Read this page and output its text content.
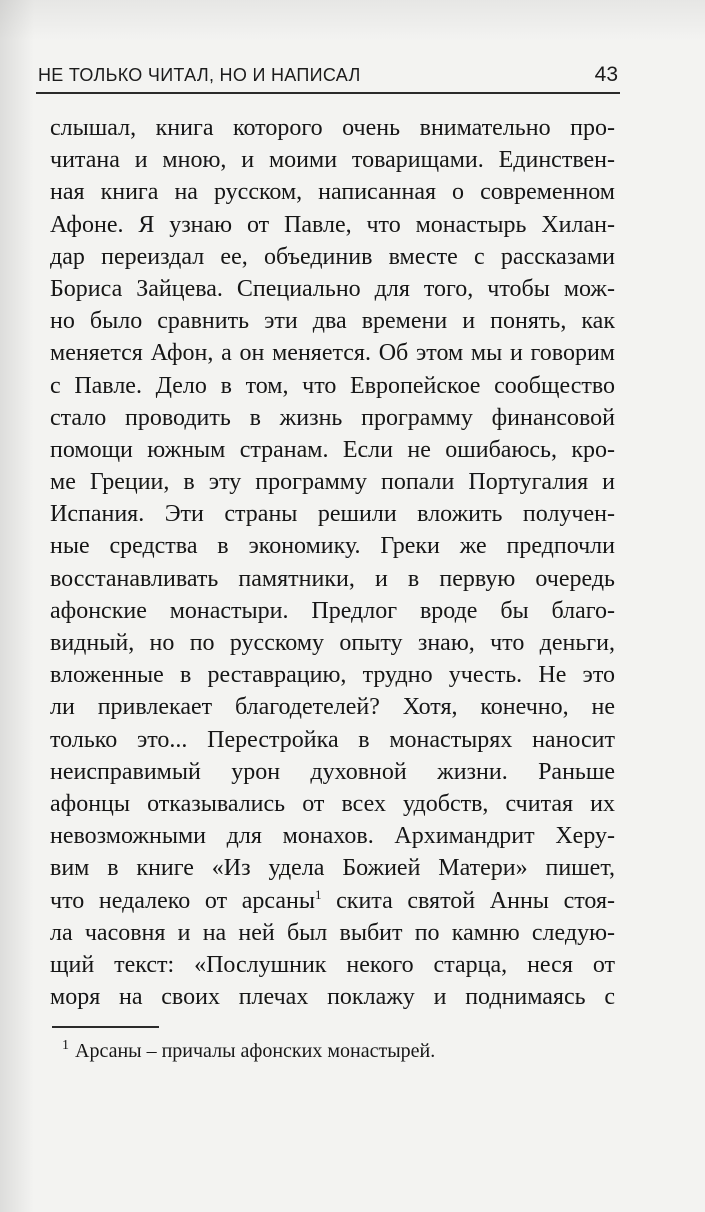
НЕ ТОЛЬКО ЧИТАЛ, НО И НАПИСАЛ	43
слышал, книга которого очень внимательно про-
читана и мною, и моими товарищами. Единствен-
ная книга на русском, написанная о современном
Афоне. Я узнаю от Павле, что монастырь Хилан-
дар переиздал ее, объединив вместе с рассказами
Бориса Зайцева. Специально для того, чтобы мож-
но было сравнить эти два времени и понять, как
меняется Афон, а он меняется. Об этом мы и говорим
с Павле. Дело в том, что Европейское сообщество
стало проводить в жизнь программу финансовой
помощи южным странам. Если не ошибаюсь, кро-
ме Греции, в эту программу попали Португалия и
Испания. Эти страны решили вложить получен-
ные средства в экономику. Греки же предпочли
восстанавливать памятники, и в первую очередь
афонские монастыри. Предлог вроде бы благо-
видный, но по русскому опыту знаю, что деньги,
вложенные в реставрацию, трудно учесть. Не это
ли привлекает благодетелей? Хотя, конечно, не
только это... Перестройка в монастырях наносит
неисправимый урон духовной жизни. Раньше
афонцы отказывались от всех удобств, считая их
невозможными для монахов. Архимандрит Херу-
вим в книге «Из удела Божией Матери» пишет,
что недалеко от арсаны$^1$ скита святой Анны стоя-
ла часовня и на ней был выбит по камню следую-
щий текст: «Послушник некого старца, неся от
моря на своих плечах поклажу и поднимаясь с
$^1$ Арсаны – причалы афонских монастырей.
